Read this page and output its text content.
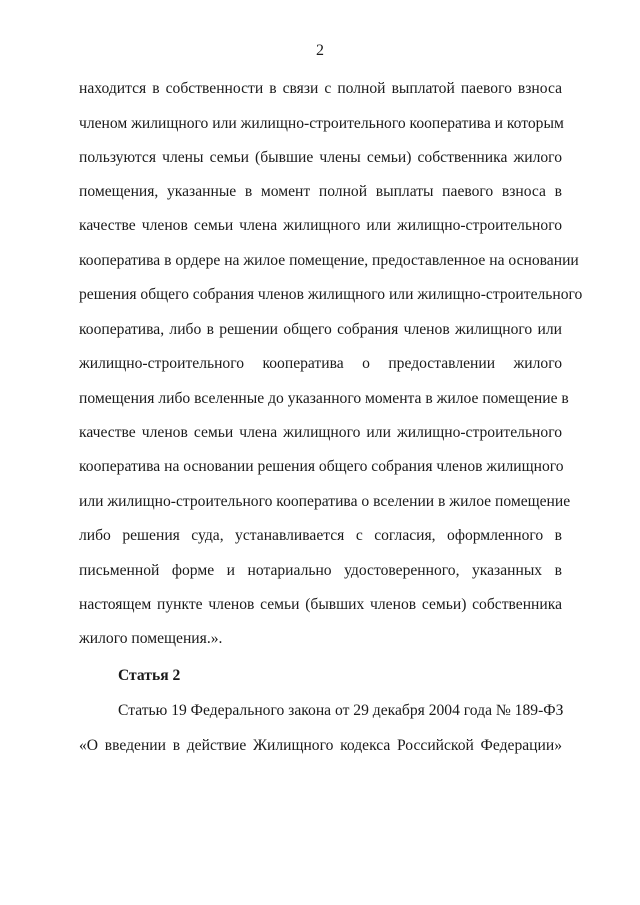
2
находится в собственности в связи с полной выплатой паевого взноса
членом жилищного или жилищно-строительного кооператива и которым
пользуются члены семьи (бывшие члены семьи) собственника жилого
помещения, указанные в момент полной выплаты паевого взноса в
качестве членов семьи члена жилищного или жилищно-строительного
кооператива в ордере на жилое помещение, предоставленное на основании
решения общего собрания членов жилищного или жилищно-строительного
кооператива, либо в решении общего собрания членов жилищного или
жилищно-строительного кооператива о предоставлении жилого
помещения либо вселенные до указанного момента в жилое помещение в
качестве членов семьи члена жилищного или жилищно-строительного
кооператива на основании решения общего собрания членов жилищного
или жилищно-строительного кооператива о вселении в жилое помещение
либо решения суда, устанавливается с согласия, оформленного в
письменной форме и нотариально удостоверенного, указанных в
настоящем пункте членов семьи (бывших членов семьи) собственника
жилого помещения.».
Статья 2
Статью 19 Федерального закона от 29 декабря 2004 года № 189-ФЗ
«О введении в действие Жилищного кодекса Российской Федерации»
